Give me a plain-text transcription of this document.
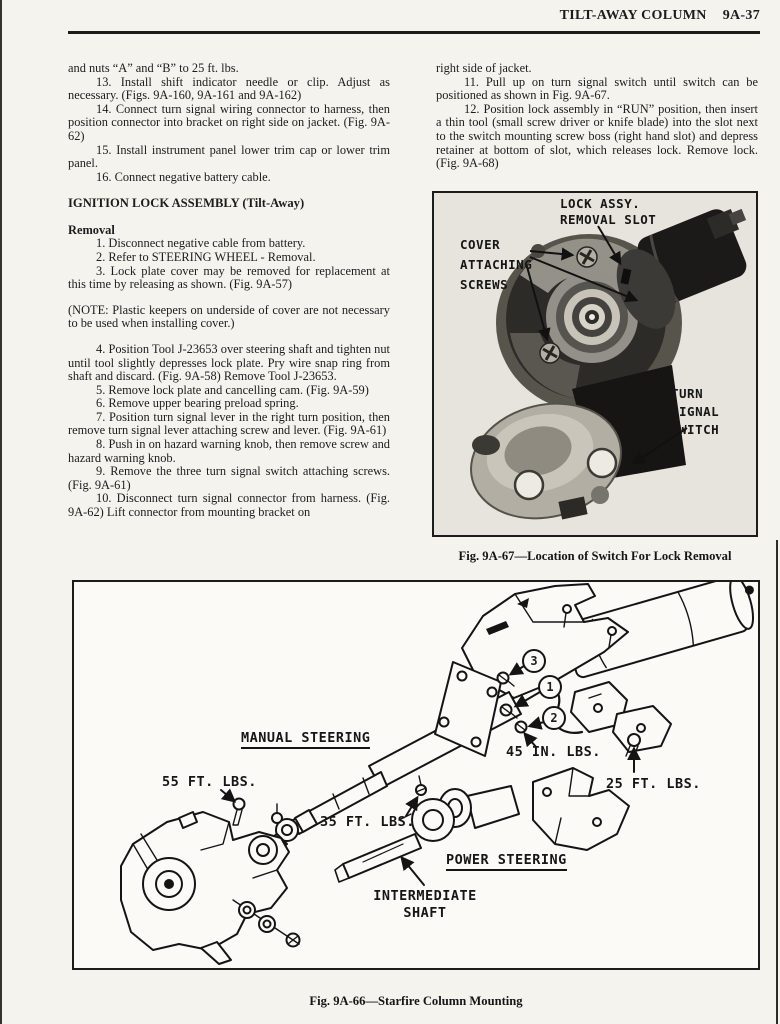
TILT-AWAY COLUMN 9A-37

and nuts “A” and “B” to 25 ft. lbs.

13. Install shift indicator needle or clip. Adjust as necessary. (Figs. 9A-160, 9A-161 and 9A-162)

14. Connect turn signal wiring connector to harness, then position connector into bracket on right side on jacket. (Fig. 9A-62)

15. Install instrument panel lower trim cap or lower trim panel.

16. Connect negative battery cable.

IGNITION LOCK ASSEMBLY (Tilt-Away)
Removal

1. Disconnect negative cable from battery.

2. Refer to STEERING WHEEL - Removal.

3. Lock plate cover may be removed for replacement at this time by releasing as shown. (Fig. 9A-57)

(NOTE: Plastic keepers on underside of cover are not necessary to be used when installing cover.)

4. Position Tool J-23653 over steering shaft and tighten nut until tool slightly depresses lock plate. Pry wire snap ring from shaft and discard. (Fig. 9A-58) Remove Tool J-23653.

5. Remove lock plate and cancelling cam. (Fig. 9A-59)

6. Remove upper bearing preload spring.

7. Position turn signal lever in the right turn position, then remove turn signal lever attaching screw and lever. (Fig. 9A-61)

8. Push in on hazard warning knob, then remove screw and hazard warning knob.

9. Remove the three turn signal switch attaching screws. (Fig. 9A-61)

10. Disconnect turn signal connector from harness. (Fig. 9A-62) Lift connector from mounting bracket on

right side of jacket.

11. Pull up on turn signal switch until switch can be positioned as shown in Fig. 9A-67.

12. Position lock assembly in “RUN” position, then insert a thin tool (small screw driver or knife blade) into the slot next to the switch mounting screw boss (right hand slot) and depress retainer at bottom of slot, which releases lock. Remove lock. (Fig. 9A-68)

LOCK ASSY.
REMOVAL SLOT
COVER
ATTACHING
SCREWS
TURN
SIGNAL
SWITCH
Fig. 9A-67—Location of Switch For Lock Removal
MANUAL STEERING
55 FT. LBS.
35 FT. LBS.
45 IN. LBS.
25 FT. LBS.
POWER STEERING
INTERMEDIATE
SHAFT
3
1
2
Fig. 9A-66—Starfire Column Mounting
